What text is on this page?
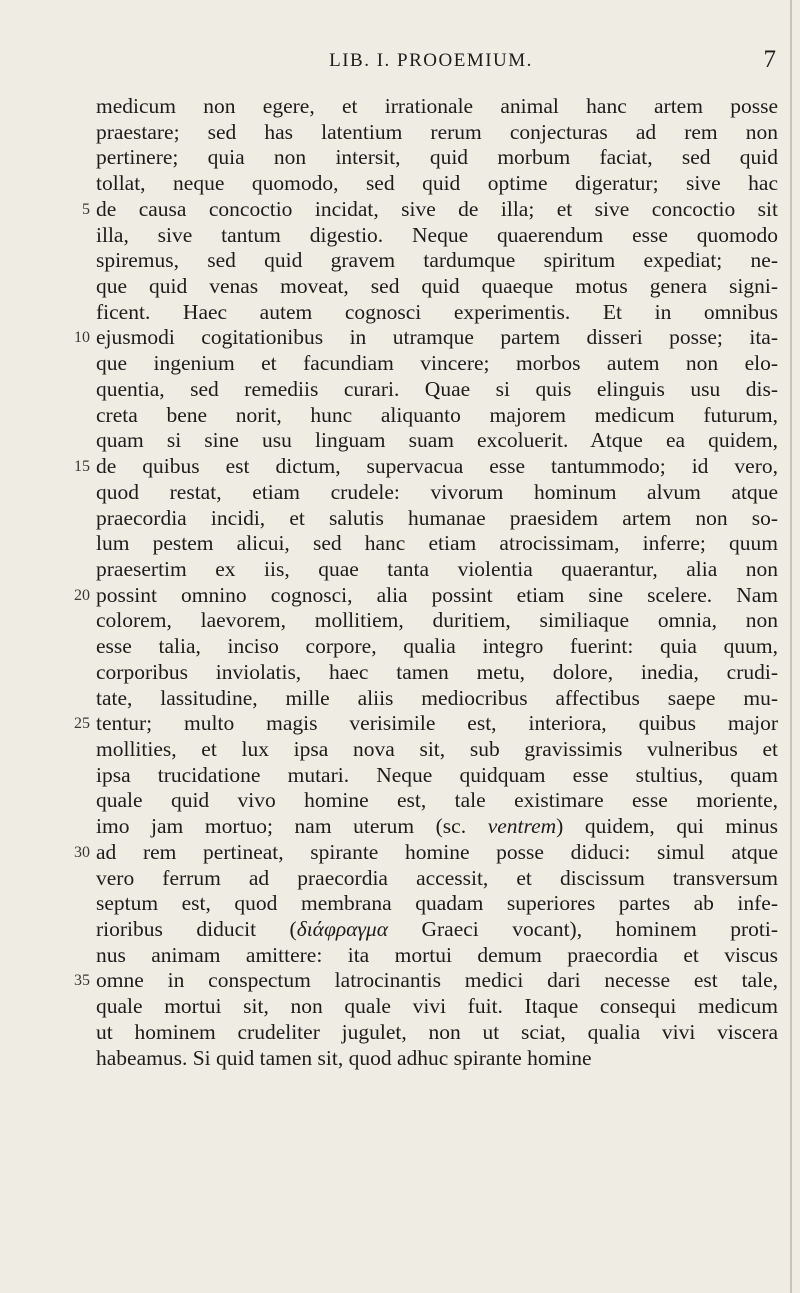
LIB. I. PROOEMIUM.	7
medicum non egere, et irrationale animal hanc artem posse
praestare; sed has latentium rerum conjecturas ad rem non
pertinere; quia non intersit, quid morbum faciat, sed quid
tollat, neque quomodo, sed quid optime digeratur; sive hac
5 de causa concoctio incidat, sive de illa; et sive concoctio sit
illa, sive tantum digestio. Neque quaerendum esse quomodo
spiremus, sed quid gravem tardumque spiritum expediat; ne-
que quid venas moveat, sed quid quaeque motus genera signi-
ficent. Haec autem cognosci experimentis. Et in omnibus
10 ejusmodi cogitationibus in utramque partem disseri posse; ita-
que ingenium et facundiam vincere; morbos autem non elo-
quentia, sed remediis curari. Quae si quis elinguis usu dis-
creta bene norit, hunc aliquanto majorem medicum futurum,
quam si sine usu linguam suam excoluerit. Atque ea quidem,
15 de quibus est dictum, supervacua esse tantummodo; id vero,
quod restat, etiam crudele: vivorum hominum alvum atque
praecordia incidi, et salutis humanae praesidem artem non so-
lum pestem alicui, sed hanc etiam atrocissimam, inferre; quum
praesertim ex iis, quae tanta violentia quaerantur, alia non
20 possint omnino cognosci, alia possint etiam sine scelere. Nam
colorem, laevorem, mollitiem, duritiem, similiaque omnia, non
esse talia, inciso corpore, qualia integro fuerint: quia quum,
corporibus inviolatis, haec tamen metu, dolore, inedia, crudi-
tate, lassitudine, mille aliis mediocribus affectibus saepe mu-
25 tentur; multo magis verisimile est, interiora, quibus major
mollities, et lux ipsa nova sit, sub gravissimis vulneribus et
ipsa trucidatione mutari. Neque quidquam esse stultius, quam
quale quid vivo homine est, tale existimare esse moriente,
imo jam mortuo; nam uterum (sc. ventrem) quidem, qui minus
30 ad rem pertineat, spirante homine posse diduci: simul atque
vero ferrum ad praecordia accessit, et discissum transversum
septum est, quod membrana quadam superiores partes ab infe-
rioribus diducit (διάφραγμα Graeci vocant), hominem proti-
nus animam amittere: ita mortui demum praecordia et viscus
35 omne in conspectum latrocinantis medici dari necesse est tale,
quale mortui sit, non quale vivi fuit. Itaque consequi medicum
ut hominem crudeliter jugulet, non ut sciat, qualia vivi viscera
habeamus. Si quid tamen sit, quod adhuc spirante homine
